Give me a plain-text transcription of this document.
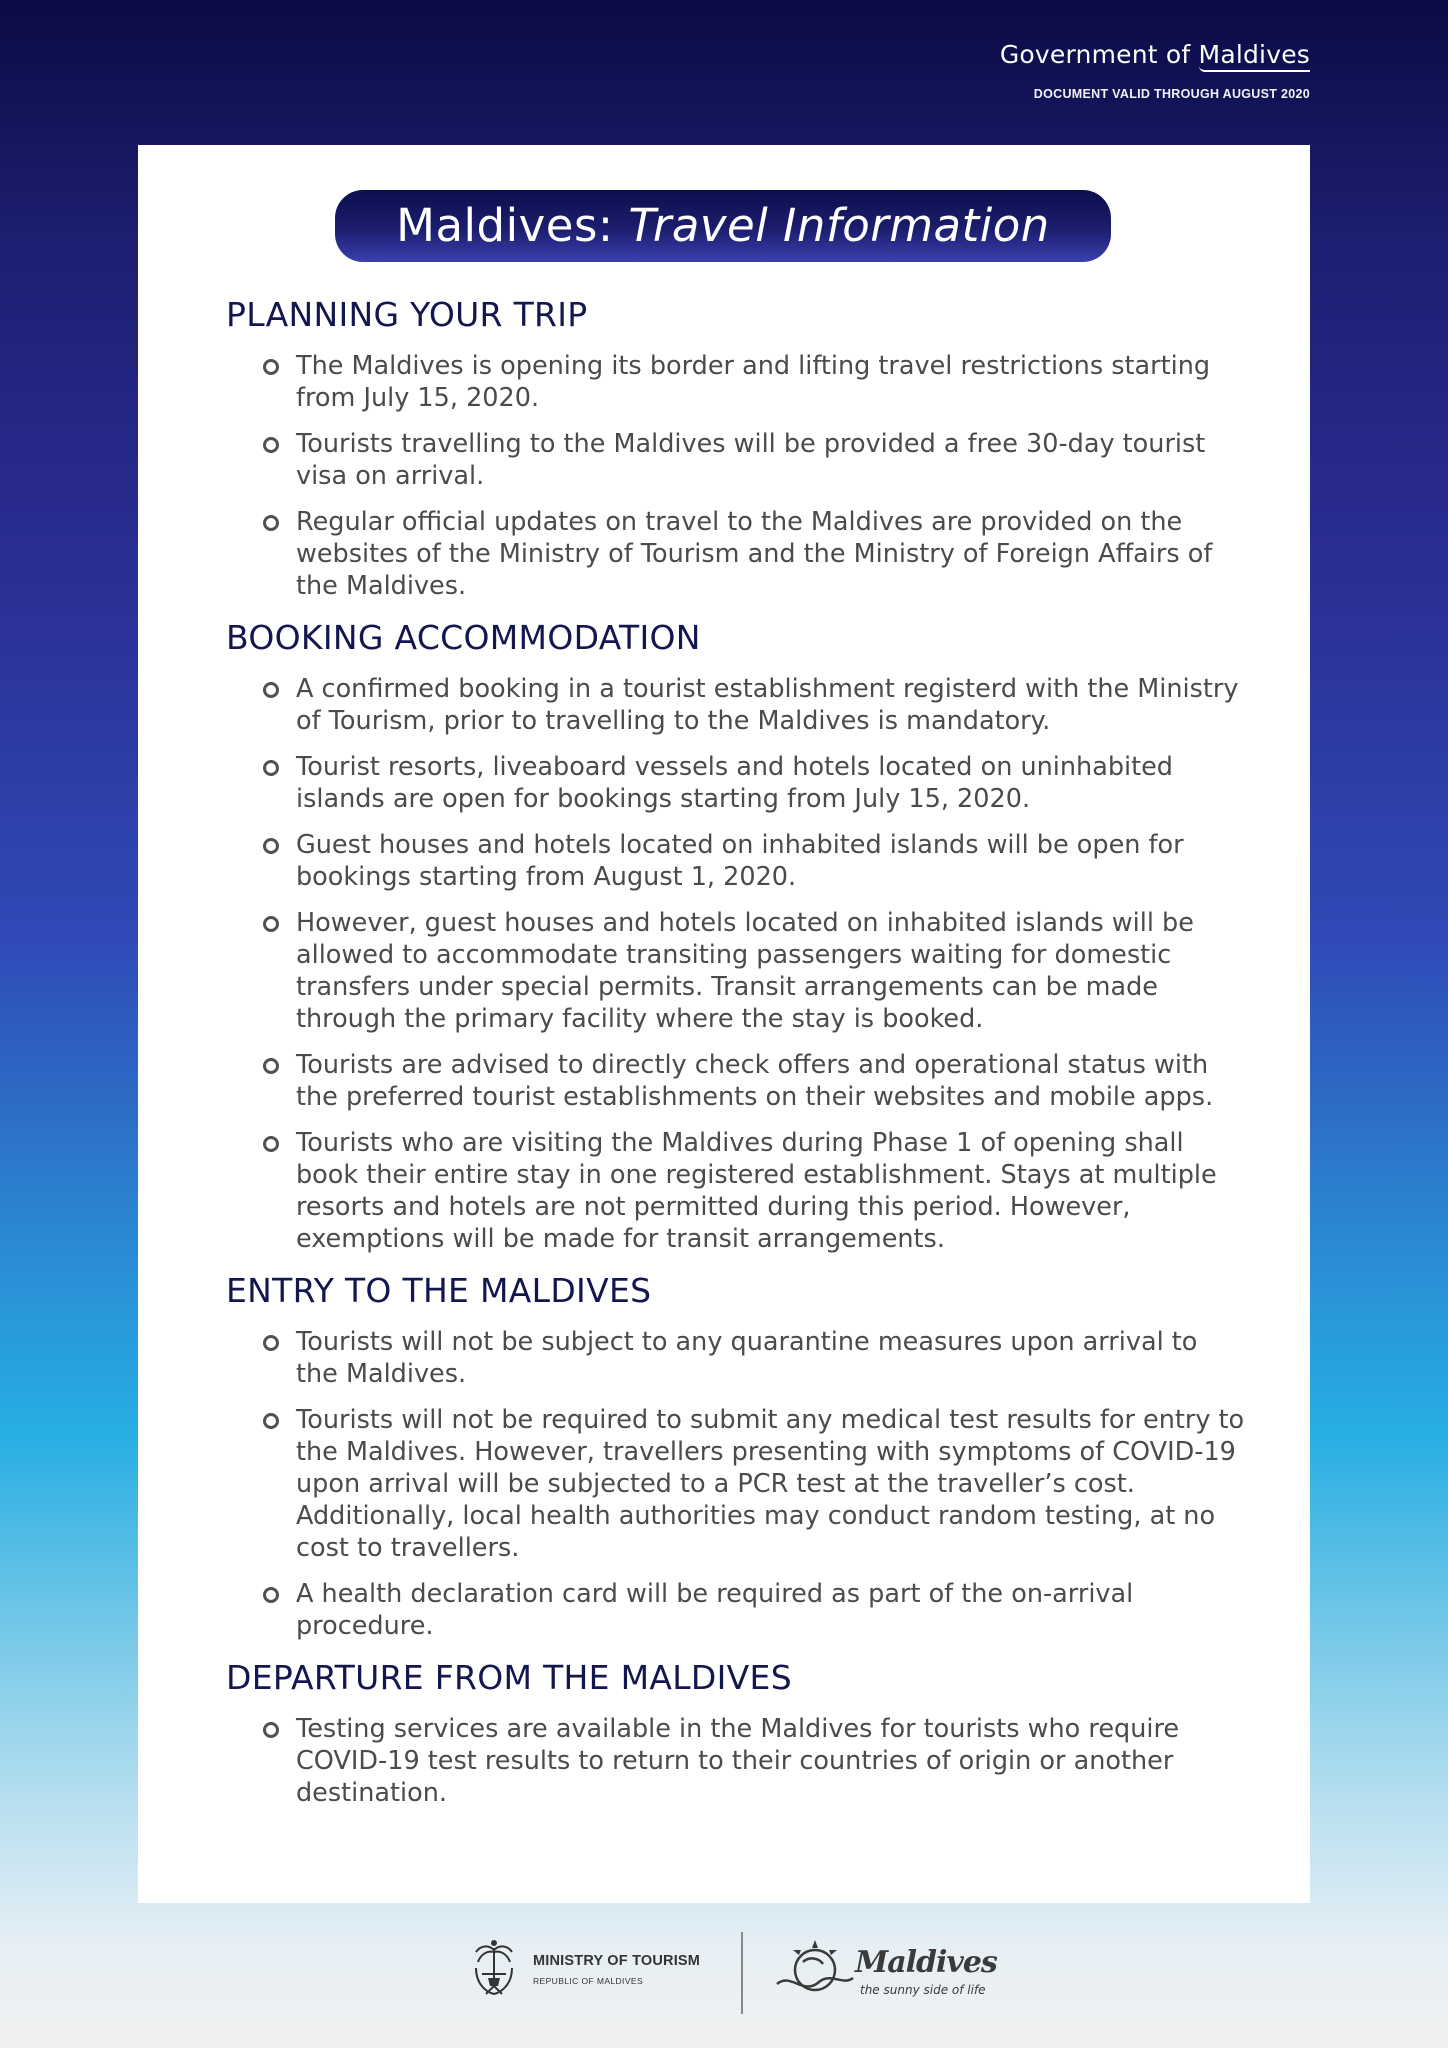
Government of Maldives
DOCUMENT VALID THROUGH AUGUST 2020
Maldives: Travel Information
PLANNING YOUR TRIP
The Maldives is opening its border and lifting travel restrictions starting from July 15, 2020.
Tourists travelling to the Maldives will be provided a free 30-day tourist visa on arrival.
Regular official updates on travel to the Maldives are provided on the websites of the Ministry of Tourism and the Ministry of Foreign Affairs of the Maldives.
BOOKING ACCOMMODATION
A confirmed booking in a tourist establishment registerd with the Ministry of Tourism, prior to travelling to the Maldives is mandatory.
Tourist resorts, liveaboard vessels and hotels located on uninhabited islands are open for bookings starting from July 15, 2020.
Guest houses and hotels located on inhabited islands will be open for bookings starting from August 1, 2020.
However, guest houses and hotels located on inhabited islands will be allowed to accommodate transiting passengers waiting for domestic transfers under special permits. Transit arrangements can be made through the primary facility where the stay is booked.
Tourists are advised to directly check offers and operational status with the preferred tourist establishments on their websites and mobile apps.
Tourists who are visiting the Maldives during Phase 1 of opening shall book their entire stay in one registered establishment. Stays at multiple resorts and hotels are not permitted during this period. However, exemptions will be made for transit arrangements.
ENTRY TO THE MALDIVES
Tourists will not be subject to any quarantine measures upon arrival to the Maldives.
Tourists will not be required to submit any medical test results for entry to the Maldives. However, travellers presenting with symptoms of COVID-19 upon arrival will be subjected to a PCR test at the traveller’s cost. Additionally, local health authorities may conduct random testing, at no cost to travellers.
A health declaration card will be required as part of the on-arrival procedure.
DEPARTURE FROM THE MALDIVES
Testing services are available in the Maldives for tourists who require COVID-19 test results to return to their countries of origin or another destination.
MINISTRY OF TOURISM
REPUBLIC OF MALDIVES
Maldives
the sunny side of life
